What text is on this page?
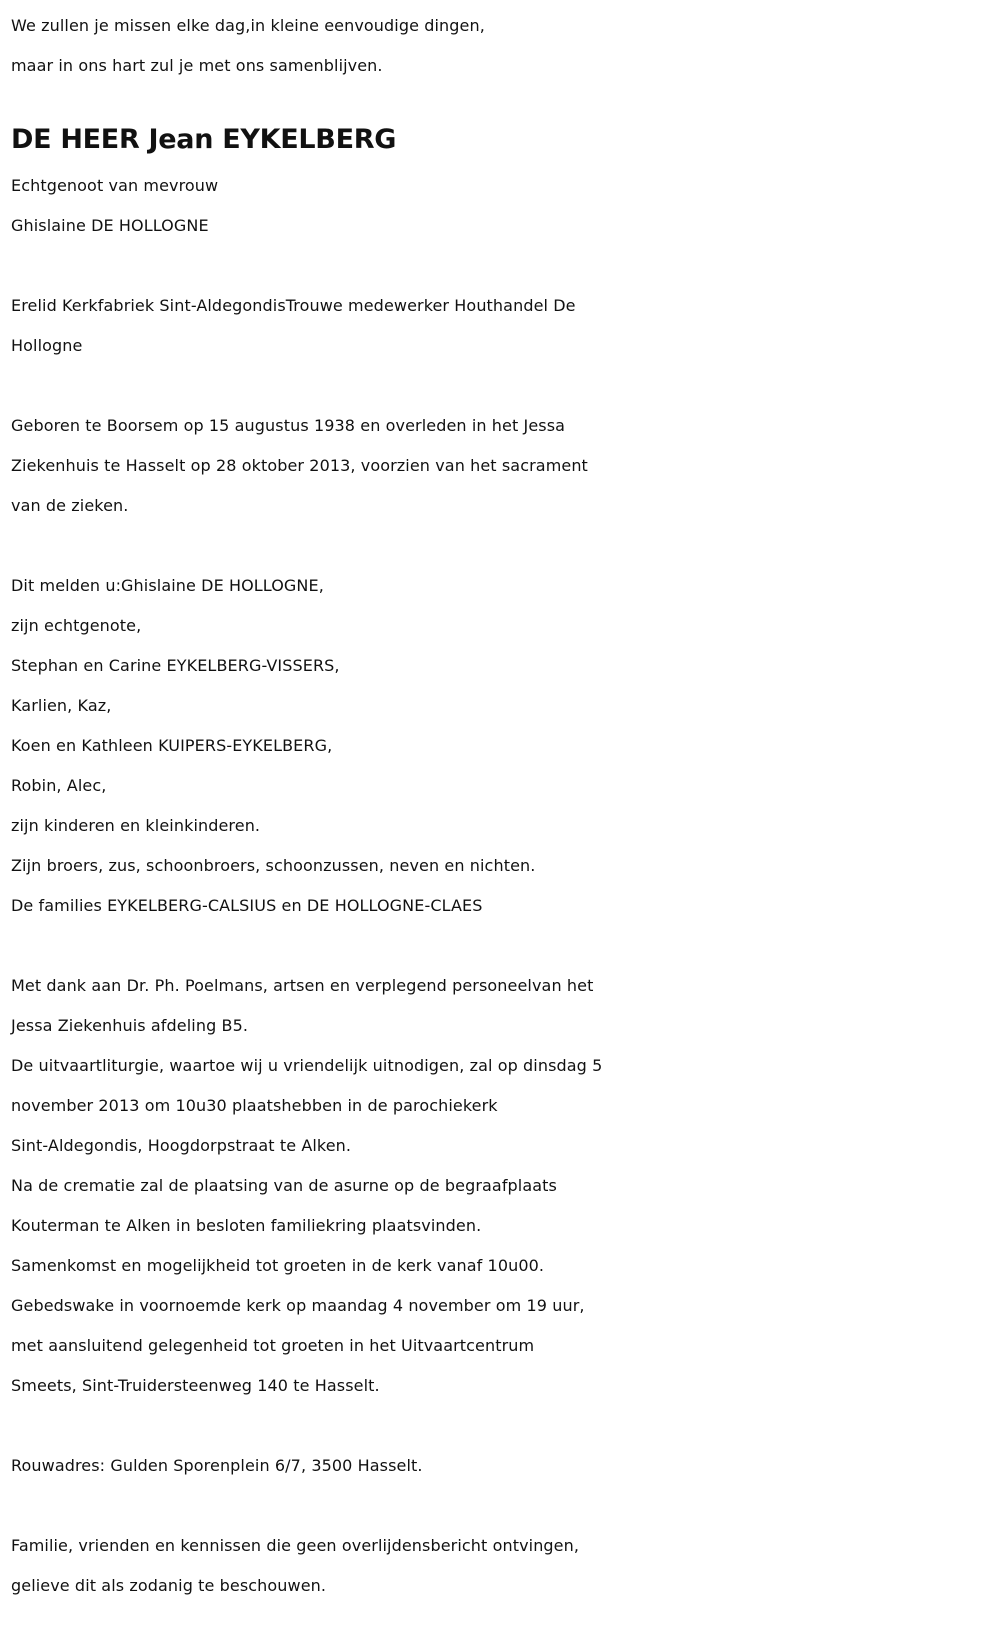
We zullen je missen elke dag,in kleine eenvoudige dingen,
maar in ons hart zul je met ons samenblijven.
DE HEER Jean EYKELBERG
Echtgenoot van mevrouw
Ghislaine DE HOLLOGNE
Erelid Kerkfabriek Sint-AldegondisTrouwe medewerker Houthandel De
Hollogne
Geboren te Boorsem op 15 augustus 1938 en overleden in het Jessa
Ziekenhuis te Hasselt op 28 oktober 2013, voorzien van het sacrament
van de zieken.
Dit melden u:Ghislaine DE HOLLOGNE,
zijn echtgenote,
Stephan en Carine EYKELBERG-VISSERS,
Karlien, Kaz,
Koen en Kathleen KUIPERS-EYKELBERG,
Robin, Alec,
zijn kinderen en kleinkinderen.
Zijn broers, zus, schoonbroers, schoonzussen, neven en nichten.
De families EYKELBERG-CALSIUS en DE HOLLOGNE-CLAES
Met dank aan Dr. Ph. Poelmans, artsen en verplegend personeelvan het
Jessa Ziekenhuis afdeling B5.
De uitvaartliturgie, waartoe wij u vriendelijk uitnodigen, zal op dinsdag 5
november 2013 om 10u30 plaatshebben in de parochiekerk
Sint-Aldegondis, Hoogdorpstraat te Alken.
Na de crematie zal de plaatsing van de asurne op de begraafplaats
Kouterman te Alken in besloten familiekring plaatsvinden.
Samenkomst en mogelijkheid tot groeten in de kerk vanaf 10u00.
Gebedswake in voornoemde kerk op maandag 4 november om 19 uur,
met aansluitend gelegenheid tot groeten in het Uitvaartcentrum
Smeets, Sint-Truidersteenweg 140 te Hasselt.
Rouwadres: Gulden Sporenplein 6/7, 3500 Hasselt.
Familie, vrienden en kennissen die geen overlijdensbericht ontvingen,
gelieve dit als zodanig te beschouwen.
